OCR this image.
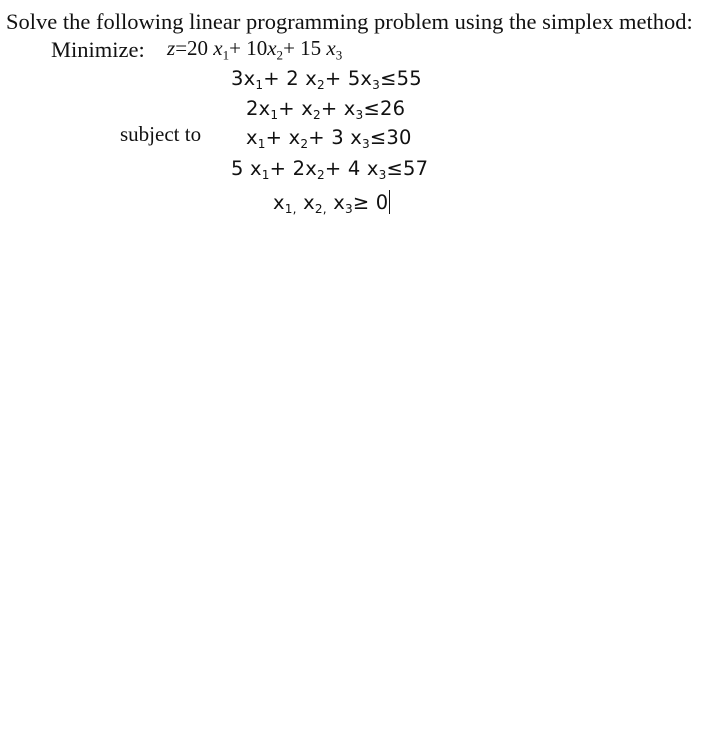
Solve the following linear programming problem using the simplex method:
Minimize: z=20 $x_1+ 10x_2+ 15$ $x_3$
$3x_1+ 2$ $x_2+ 5x_3\le 55$
$2x_1+ x_2+ x_3\le 26$
subject to $x_1+ x_2+ 3$ $x_3\le 30$
5 $x_1+ 2x_2+ 4$ $x_3\le 57$
$x_{1,}$ $x_{2,}$ $x_3\ge 0$
